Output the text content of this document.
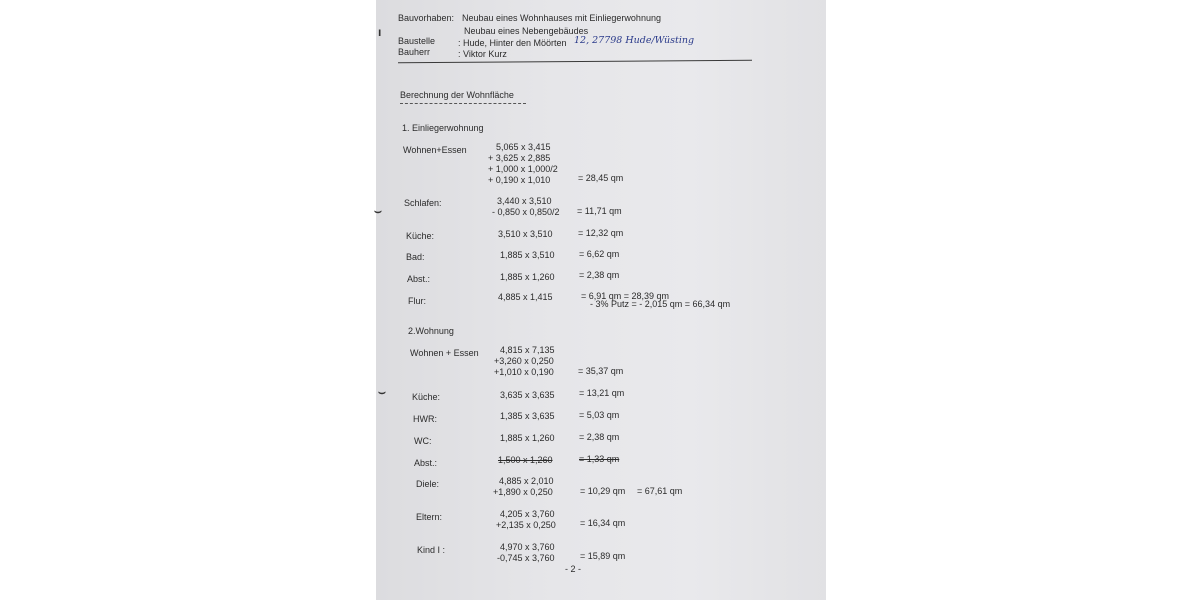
Bauvorhaben: Neubau eines Wohnhauses mit Einliegerwohnung
Neubau eines Nebengebäudes
Baustelle	: Hude, Hinter den Möörten 12, 27798 Hude/Wüsting
Bauherr	: Viktor Kurz
Berechnung der Wohnfläche
1. Einliegerwohnung
Wohnen+Essen	5,065 x 3,415
+ 3,625 x 2,885
+ 1,000 x 1,000/2
+ 0,190 x 1,010	= 28,45 qm
Schlafen:	3,440 x 3,510
- 0,850 x 0,850/2 = 11,71 qm
Küche:	3,510 x 3,510	= 12,32 qm
Bad:	1,885 x 3,510	= 6,62 qm
Abst.:	1,885 x 1,260	= 2,38 qm
Flur:	4,885 x 1,415	= 6,91 qm = 28,39 qm
- 3% Putz = - 2,015 qm = 66,34 qm
2.Wohnung
Wohnen + Essen 4,815 x 7,135
+3,260 x 0,250
+1,010 x 0,190	= 35,37 qm
Küche:	3,635 x 3,635	= 13,21 qm
HWR:	1,385 x 3,635	= 5,03 qm
WC:	1,885 x 1,260	= 2,38 qm
Abst.:	1,500 x 1,260	= 1,33 qm
Diele:	4,885 x 2,010
+1,890 x 0,250	= 10,29 qm = 67,61 qm
Eltern:	4,205 x 3,760
+2,135 x 0,250	= 16,34 qm
Kind I :	4,970 x 3,760
-0,745 x 3,760	= 15,89 qm
- 2 -
ı
⌣
⌣
